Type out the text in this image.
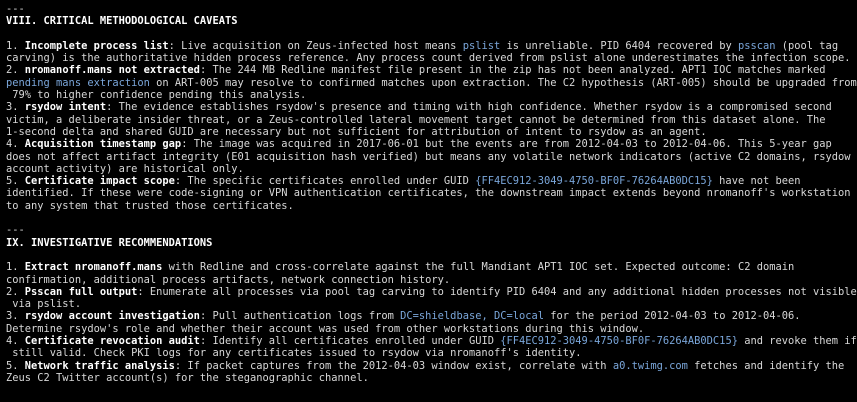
---
VIII. CRITICAL METHODOLOGICAL CAVEATS
1. Incomplete process list: Live acquisition on Zeus-infected host means pslist is unreliable. PID 6404 recovered by psscan (pool tag
carving) is the authoritative hidden process reference. Any process count derived from pslist alone underestimates the infection scope.
2. nromanoff.mans not extracted: The 244 MB Redline manifest file present in the zip has not been analyzed. APT1 IOC matches marked
pending mans extraction on ART-005 may resolve to confirmed matches upon extraction. The C2 hypothesis (ART-005) should be upgraded from
79% to higher confidence pending this analysis.
3. rsydow intent: The evidence establishes rsydow's presence and timing with high confidence. Whether rsydow is a compromised second
victim, a deliberate insider threat, or a Zeus-controlled lateral movement target cannot be determined from this dataset alone. The
1-second delta and shared GUID are necessary but not sufficient for attribution of intent to rsydow as an agent.
4. Acquisition timestamp gap: The image was acquired in 2017-06-01 but the events are from 2012-04-03 to 2012-04-06. This 5-year gap
does not affect artifact integrity (E01 acquisition hash verified) but means any volatile network indicators (active C2 domains, rsydow
account activity) are historical only.
5. Certificate impact scope: The specific certificates enrolled under GUID {FF4EC912-3049-4750-BF0F-76264AB0DC15} have not been
identified. If these were code-signing or VPN authentication certificates, the downstream impact extends beyond nromanoff's workstation
to any system that trusted those certificates.
---
IX. INVESTIGATIVE RECOMMENDATIONS
1. Extract nromanoff.mans with Redline and cross-correlate against the full Mandiant APT1 IOC set. Expected outcome: C2 domain
confirmation, additional process artifacts, network connection history.
2. Psscan full output: Enumerate all processes via pool tag carving to identify PID 6404 and any additional hidden processes not visible
via pslist.
3. rsydow account investigation: Pull authentication logs from DC=shieldbase, DC=local for the period 2012-04-03 to 2012-04-06.
Determine rsydow's role and whether their account was used from other workstations during this window.
4. Certificate revocation audit: Identify all certificates enrolled under GUID {FF4EC912-3049-4750-BF0F-76264AB0DC15} and revoke them if
still valid. Check PKI logs for any certificates issued to rsydow via nromanoff's identity.
5. Network traffic analysis: If packet captures from the 2012-04-03 window exist, correlate with a0.twimg.com fetches and identify the
Zeus C2 Twitter account(s) for the steganographic channel.
